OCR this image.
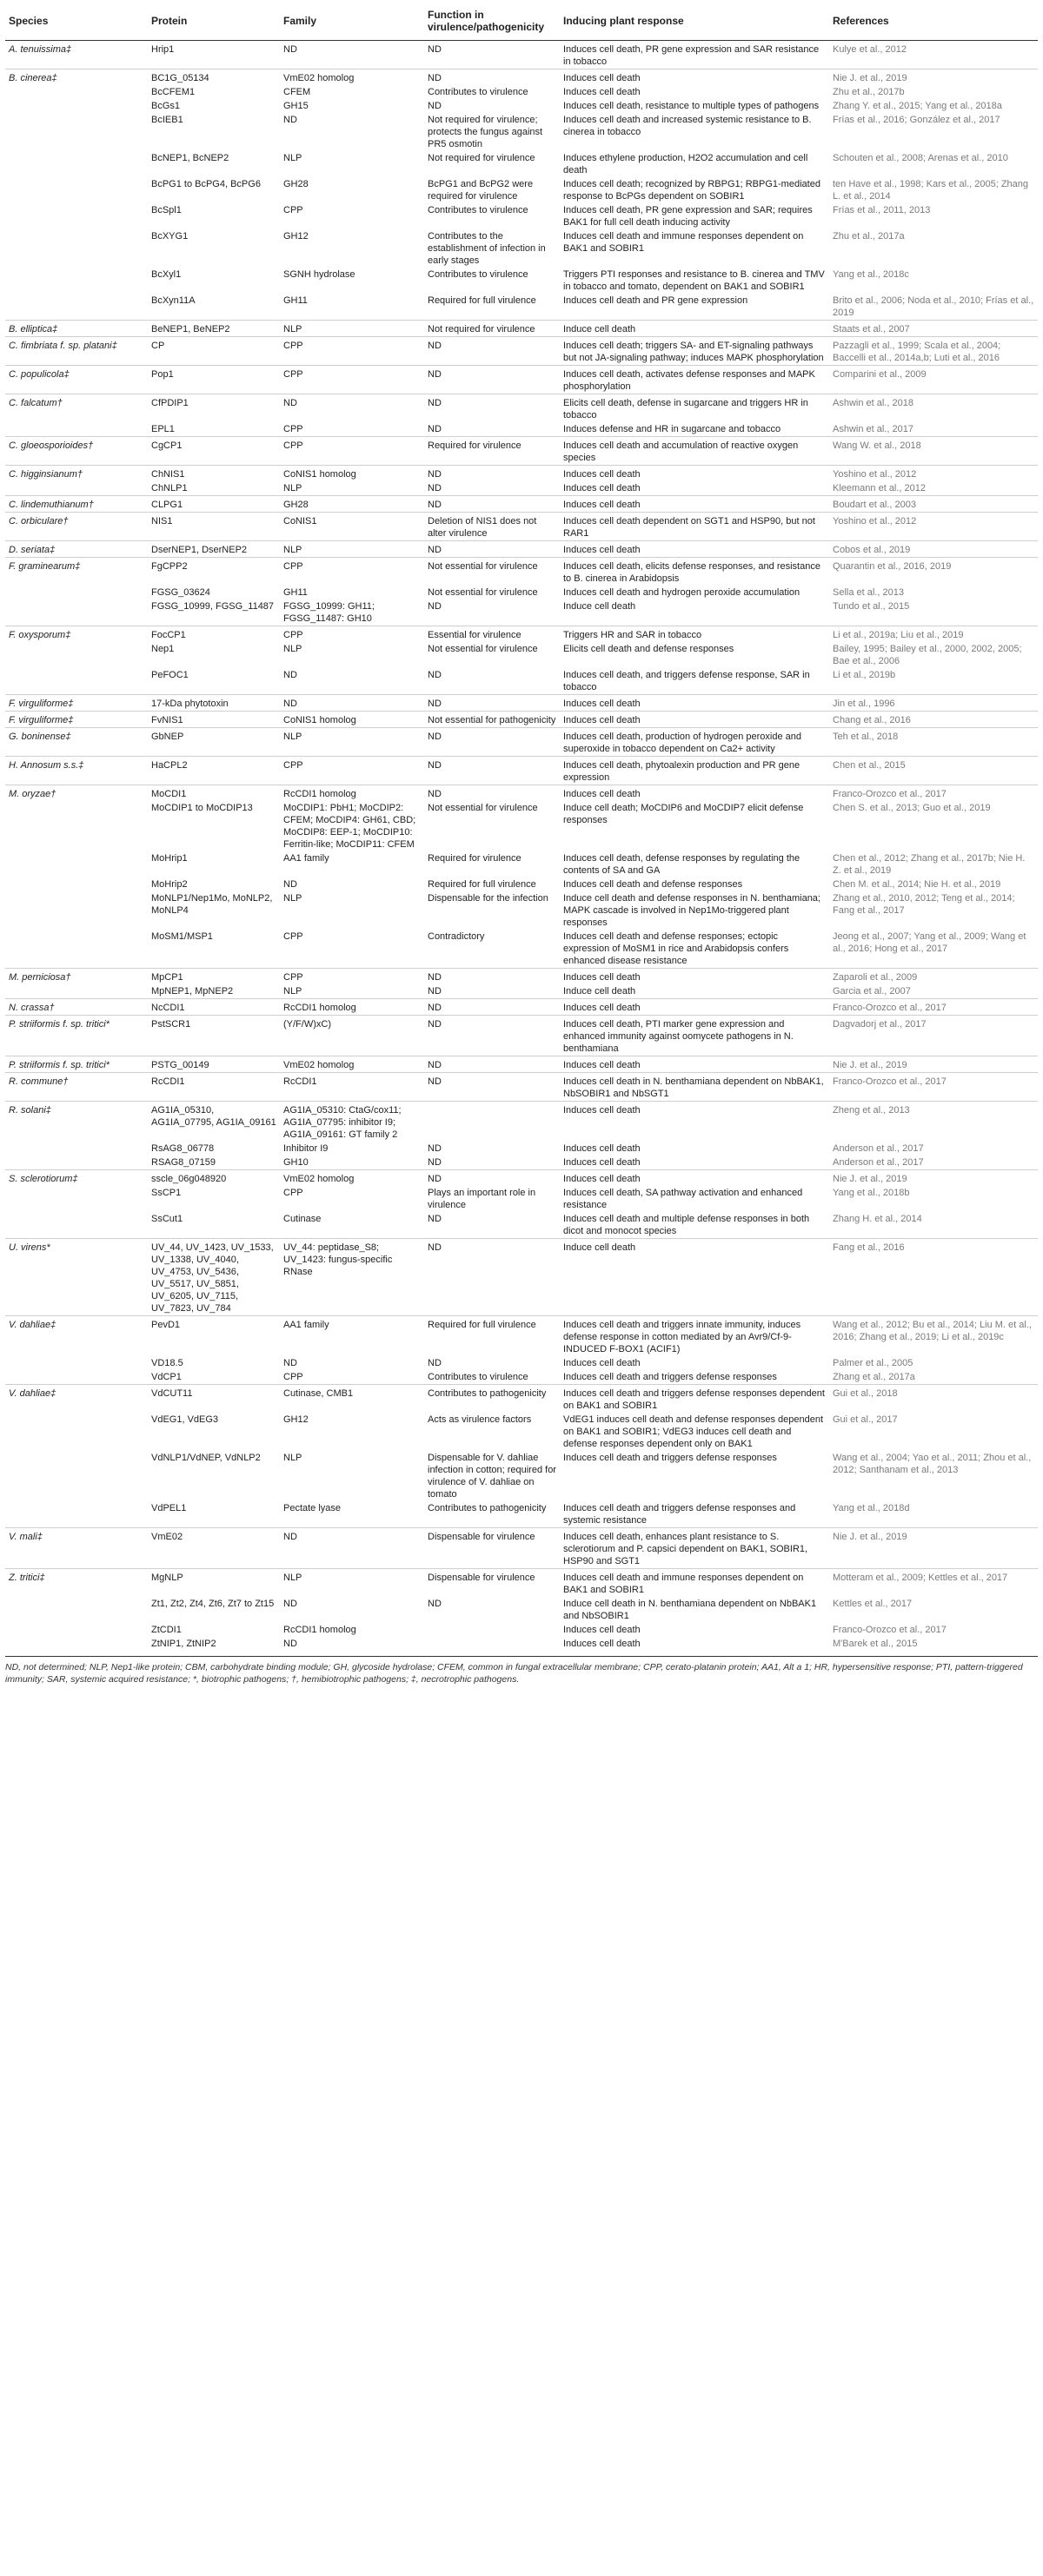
Species	Protein	Family	Function in virulence/pathogenicity	Inducing plant response	References
A. tenuissima‡	Hrip1	ND	ND	Induces cell death, PR gene expression and SAR resistance in tobacco	Kulye et al., 2012
B. cinerea‡	BC1G_05134	VmE02 homolog	ND	Induces cell death	Nie J. et al., 2019
	BcCFEM1	CFEM	Contributes to virulence	Induces cell death	Zhu et al., 2017b
	BcGs1	GH15	ND	Induces cell death, resistance to multiple types of pathogens	Zhang Y. et al., 2015; Yang et al., 2018a
	BcIEB1	ND	Not required for virulence; protects the fungus against PR5 osmotin	Induces cell death and increased systemic resistance to B. cinerea in tobacco	Frías et al., 2016; González et al., 2017
	BcNEP1, BcNEP2	NLP	Not required for virulence	Induces ethylene production, H2O2 accumulation and cell death	Schouten et al., 2008; Arenas et al., 2010
	BcPG1 to BcPG4, BcPG6	GH28	BcPG1 and BcPG2 were required for virulence	Induces cell death; recognized by RBPG1; RBPG1-mediated response to BcPGs dependent on SOBIR1	ten Have et al., 1998; Kars et al., 2005; Zhang L. et al., 2014
	BcSpl1	CPP	Contributes to virulence	Induces cell death, PR gene expression and SAR; requires BAK1 for full cell death inducing activity	Frías et al., 2011, 2013
	BcXYG1	GH12	Contributes to the establishment of infection in early stages	Induces cell death and immune responses dependent on BAK1 and SOBIR1	Zhu et al., 2017a
	BcXyl1	SGNH hydrolase	Contributes to virulence	Triggers PTI responses and resistance to B. cinerea and TMV in tobacco and tomato, dependent on BAK1 and SOBIR1	Yang et al., 2018c
	BcXyn11A	GH11	Required for full virulence	Induces cell death and PR gene expression	Brito et al., 2006; Noda et al., 2010; Frías et al., 2019
B. elliptica‡	BeNEP1, BeNEP2	NLP	Not required for virulence	Induce cell death	Staats et al., 2007
C. fimbriata f. sp. platani‡	CP	CPP	ND	Induces cell death; triggers SA- and ET-signaling pathways but not JA-signaling pathway; induces MAPK phosphorylation	Pazzagli et al., 1999; Scala et al., 2004; Baccelli et al., 2014a,b; Luti et al., 2016
C. populicola‡	Pop1	CPP	ND	Induces cell death, activates defense responses and MAPK phosphorylation	Comparini et al., 2009
C. falcatum†	CfPDIP1	ND	ND	Elicits cell death, defense in sugarcane and triggers HR in tobacco	Ashwin et al., 2018
	EPL1	CPP	ND	Induces defense and HR in sugarcane and tobacco	Ashwin et al., 2017
C. gloeosporioides†	CgCP1	CPP	Required for virulence	Induces cell death and accumulation of reactive oxygen species	Wang W. et al., 2018
C. higginsianum†	ChNIS1	CoNIS1 homolog	ND	Induces cell death	Yoshino et al., 2012
	ChNLP1	NLP	ND	Induces cell death	Kleemann et al., 2012
C. lindemuthianum†	CLPG1	GH28	ND	Induces cell death	Boudart et al., 2003
C. orbiculare†	NIS1	CoNIS1	Deletion of NIS1 does not alter virulence	Induces cell death dependent on SGT1 and HSP90, but not RAR1	Yoshino et al., 2012
D. seriata‡	DserNEP1, DserNEP2	NLP	ND	Induces cell death	Cobos et al., 2019
F. graminearum‡	FgCPP2	CPP	Not essential for virulence	Induces cell death, elicits defense responses, and resistance to B. cinerea in Arabidopsis	Quarantin et al., 2016, 2019
	FGSG_03624	GH11	Not essential for virulence	Induces cell death and hydrogen peroxide accumulation	Sella et al., 2013
	FGSG_10999, FGSG_11487	FGSG_10999: GH11; FGSG_11487: GH10	ND	Induce cell death	Tundo et al., 2015
F. oxysporum‡	FocCP1	CPP	Essential for virulence	Triggers HR and SAR in tobacco	Li et al., 2019a; Liu et al., 2019
	Nep1	NLP	Not essential for virulence	Elicits cell death and defense responses	Bailey, 1995; Bailey et al., 2000, 2002, 2005; Bae et al., 2006
	PeFOC1	ND	ND	Induces cell death, and triggers defense response, SAR in tobacco	Li et al., 2019b
F. virguliforme‡	17-kDa phytotoxin	ND	ND	Induces cell death	Jin et al., 1996
F. virguliforme‡	FvNIS1	CoNIS1 homolog	Not essential for pathogenicity	Induces cell death	Chang et al., 2016
G. boninense‡	GbNEP	NLP	ND	Induces cell death, production of hydrogen peroxide and superoxide in tobacco dependent on Ca2+ activity	Teh et al., 2018
H. Annosum s.s.‡	HaCPL2	CPP	ND	Induces cell death, phytoalexin production and PR gene expression	Chen et al., 2015
M. oryzae†	MoCDI1	RcCDI1 homolog	ND	Induces cell death	Franco-Orozco et al., 2017
	MoCDIP1 to MoCDIP13	MoCDIP1: PbH1; MoCDIP2: CFEM; MoCDIP4: GH61, CBD; MoCDIP8: EEP-1; MoCDIP10: Ferritin-like; MoCDIP11: CFEM	Not essential for virulence	Induce cell death; MoCDIP6 and MoCDIP7 elicit defense responses	Chen S. et al., 2013; Guo et al., 2019
	MoHrip1	AA1 family	Required for virulence	Induces cell death, defense responses by regulating the contents of SA and GA	Chen et al., 2012; Zhang et al., 2017b; Nie H. Z. et al., 2019
	MoHrip2	ND	Required for full virulence	Induces cell death and defense responses	Chen M. et al., 2014; Nie H. et al., 2019
	MoNLP1/Nep1Mo, MoNLP2, MoNLP4	NLP	Dispensable for the infection	Induce cell death and defense responses in N. benthamiana; MAPK cascade is involved in Nep1Mo-triggered plant responses	Zhang et al., 2010, 2012; Teng et al., 2014; Fang et al., 2017
	MoSM1/MSP1	CPP	Contradictory	Induces cell death and defense responses; ectopic expression of MoSM1 in rice and Arabidopsis confers enhanced disease resistance	Jeong et al., 2007; Yang et al., 2009; Wang et al., 2016; Hong et al., 2017
M. perniciosa†	MpCP1	CPP	ND	Induces cell death	Zaparoli et al., 2009
	MpNEP1, MpNEP2	NLP	ND	Induce cell death	Garcia et al., 2007
N. crassa†	NcCDI1	RcCDI1 homolog	ND	Induces cell death	Franco-Orozco et al., 2017
P. striiformis f. sp. tritici*	PstSCR1	(Y/F/W)xC)	ND	Induces cell death, PTI marker gene expression and enhanced immunity against oomycete pathogens in N. benthamiana	Dagvadorj et al., 2017
P. striiformis f. sp. tritici*	PSTG_00149	VmE02 homolog	ND	Induces cell death	Nie J. et al., 2019
R. commune†	RcCDI1	RcCDI1	ND	Induces cell death in N. benthamiana dependent on NbBAK1, NbSOBIR1 and NbSGT1	Franco-Orozco et al., 2017
R. solani‡	AG1IA_05310, AG1IA_07795, AG1IA_09161	AG1IA_05310: CtaG/cox11; AG1IA_07795: inhibitor I9; AG1IA_09161: GT family 2		Induces cell death	Zheng et al., 2013
	RsAG8_06778	Inhibitor I9	ND	Induces cell death	Anderson et al., 2017
	RSAG8_07159	GH10	ND	Induces cell death	Anderson et al., 2017
S. sclerotiorum‡	sscle_06g048920	VmE02 homolog	ND	Induces cell death	Nie J. et al., 2019
	SsCP1	CPP	Plays an important role in virulence	Induces cell death, SA pathway activation and enhanced resistance	Yang et al., 2018b
	SsCut1	Cutinase	ND	Induces cell death and multiple defense responses in both dicot and monocot species	Zhang H. et al., 2014
U. virens*	UV_44, UV_1423, UV_1533, UV_1338, UV_4040, UV_4753, UV_5436, UV_5517, UV_5851, UV_6205, UV_7115, UV_7823, UV_784	UV_44: peptidase_S8; UV_1423: fungus-specific RNase	ND	Induce cell death	Fang et al., 2016
V. dahliae‡	PevD1	AA1 family	Required for full virulence	Induces cell death and triggers innate immunity, induces defense response in cotton mediated by an Avr9/Cf-9-INDUCED F-BOX1 (ACIF1)	Wang et al., 2012; Bu et al., 2014; Liu M. et al., 2016; Zhang et al., 2019; Li et al., 2019c
	VD18.5	ND	ND	Induces cell death	Palmer et al., 2005
	VdCP1	CPP	Contributes to virulence	Induces cell death and triggers defense responses	Zhang et al., 2017a
V. dahliae‡	VdCUT11	Cutinase, CMB1	Contributes to pathogenicity	Induces cell death and triggers defense responses dependent on BAK1 and SOBIR1	Gui et al., 2018
	VdEG1, VdEG3	GH12	Acts as virulence factors	VdEG1 induces cell death and defense responses dependent on BAK1 and SOBIR1; VdEG3 induces cell death and defense responses dependent only on BAK1	Gui et al., 2017
	VdNLP1/VdNEP, VdNLP2	NLP	Dispensable for V. dahliae infection in cotton; required for virulence of V. dahliae on tomato	Induces cell death and triggers defense responses	Wang et al., 2004; Yao et al., 2011; Zhou et al., 2012; Santhanam et al., 2013
	VdPEL1	Pectate lyase	Contributes to pathogenicity	Induces cell death and triggers defense responses and systemic resistance	Yang et al., 2018d
V. mali‡	VmE02	ND	Dispensable for virulence	Induces cell death, enhances plant resistance to S. sclerotiorum and P. capsici dependent on BAK1, SOBIR1, HSP90 and SGT1	Nie J. et al., 2019
Z. tritici‡	MgNLP	NLP	Dispensable for virulence	Induces cell death and immune responses dependent on BAK1 and SOBIR1	Motteram et al., 2009; Kettles et al., 2017
	Zt1, Zt2, Zt4, Zt6, Zt7 to Zt15	ND	ND	Induce cell death in N. benthamiana dependent on NbBAK1 and NbSOBIR1	Kettles et al., 2017
	ZtCDI1	RcCDI1 homolog		Induces cell death	Franco-Orozco et al., 2017
	ZtNIP1, ZtNIP2	ND		Induces cell death	M'Barek et al., 2015
ND, not determined; NLP, Nep1-like protein; CBM, carbohydrate binding module; GH, glycoside hydrolase; CFEM, common in fungal extracellular membrane; CPP, cerato-platanin protein; AA1, Alt a 1; HR, hypersensitive response; PTI, pattern-triggered immunity; SAR, systemic acquired resistance; *, biotrophic pathogens; †, hemibiotrophic pathogens; ‡, necrotrophic pathogens.
